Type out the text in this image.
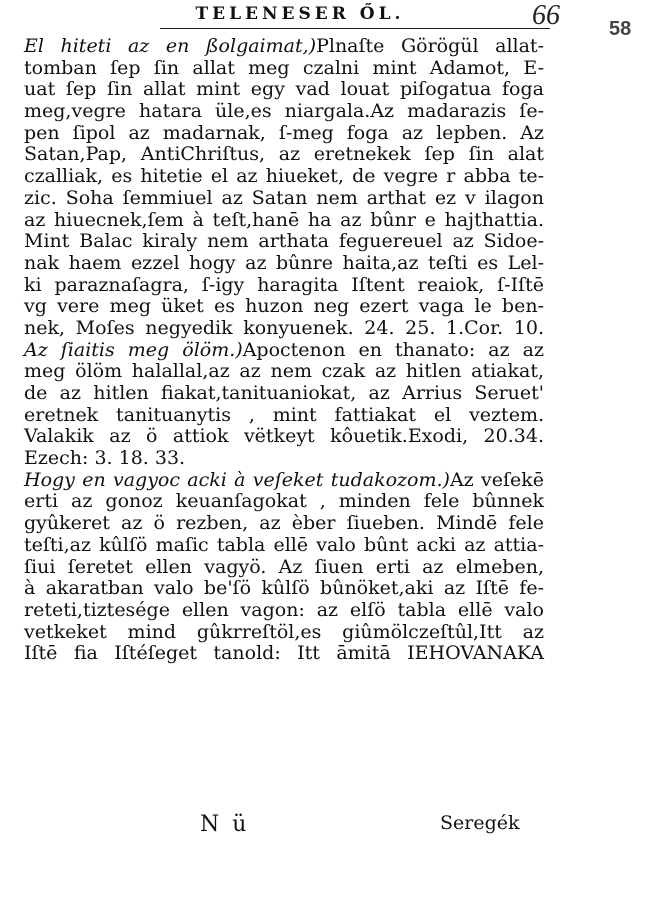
TELENESER ŐL.	66 58
El hiteti az en ßolgaimat,)Plnaſte Görögül allat-
tomban ſep ſin allat meg czalni mint Adamot, E-
uat ſep ſin allat mint egy vad louat piſogatua foga
meg,vegre hatara üle,es niargala.Az madarazis ſe-
pen ſipol az madarnak, ſ-meg foga az lepben. Az
Satan,Pap, AntiChriſtus, az eretnekek ſep ſin alat
czalliak, es hitetie el az hiueket, de vegre r abba te-
zic. Soha ſemmiuel az Satan nem arthat ez v ilagon
az hiuecnek,ſem à teſt,hanē ha az bûnr e hajthattia.
Mint Balac kiraly nem arthata feguereuel az Sidoe-
nak haem ezzel hogy az bûnre haita,az teſti es Lel-
ki paraznaſagra, ſ-igy haragita Iſtent reaiok, ſ-Iſtē
vg vere meg üket es huzon neg ezert vaga le ben-
nek, Moſes negyedik konyuenek. 24. 25. 1.Cor. 10.
Az ſiaitis meg ölöm.)Apoctenon en thanato: az az
meg ölöm halallal,az az nem czak az hitlen atiakat,
de az hitlen fiakat,tanituaniokat, az Arrius Seruet'
eretnek tanituanytis , mint fattiakat el veztem.
Valakik az ö attiok vëtkeyt kôuetik.Exodi, 20.34.
Ezech: 3. 18. 33.
Hogy en vagyoc acki à veſeket tudakozom.)Az veſekē
erti az gonoz keuanſagokat , minden fele bûnnek
gyûkeret az ö rezben, az èber ſiueben. Mindē fele
teſti,az kûlſö maſic tabla ellē valo bûnt acki az attia-
ſiui ſeretet ellen vagyö. Az ſiuen erti az elmeben,
à akaratban valo be'ſö kûlſö bûnöket,aki az Iſtē fe-
reteti,tiztesége ellen vagon: az elſö tabla ellē valo
vetkeket mind gûkrreſtöl,es giûmölczeſtûl,Itt az
Iſtē fia Iſtéſeget tanold: Itt āmitā IEHOVANAKA
N ü	Seregék
